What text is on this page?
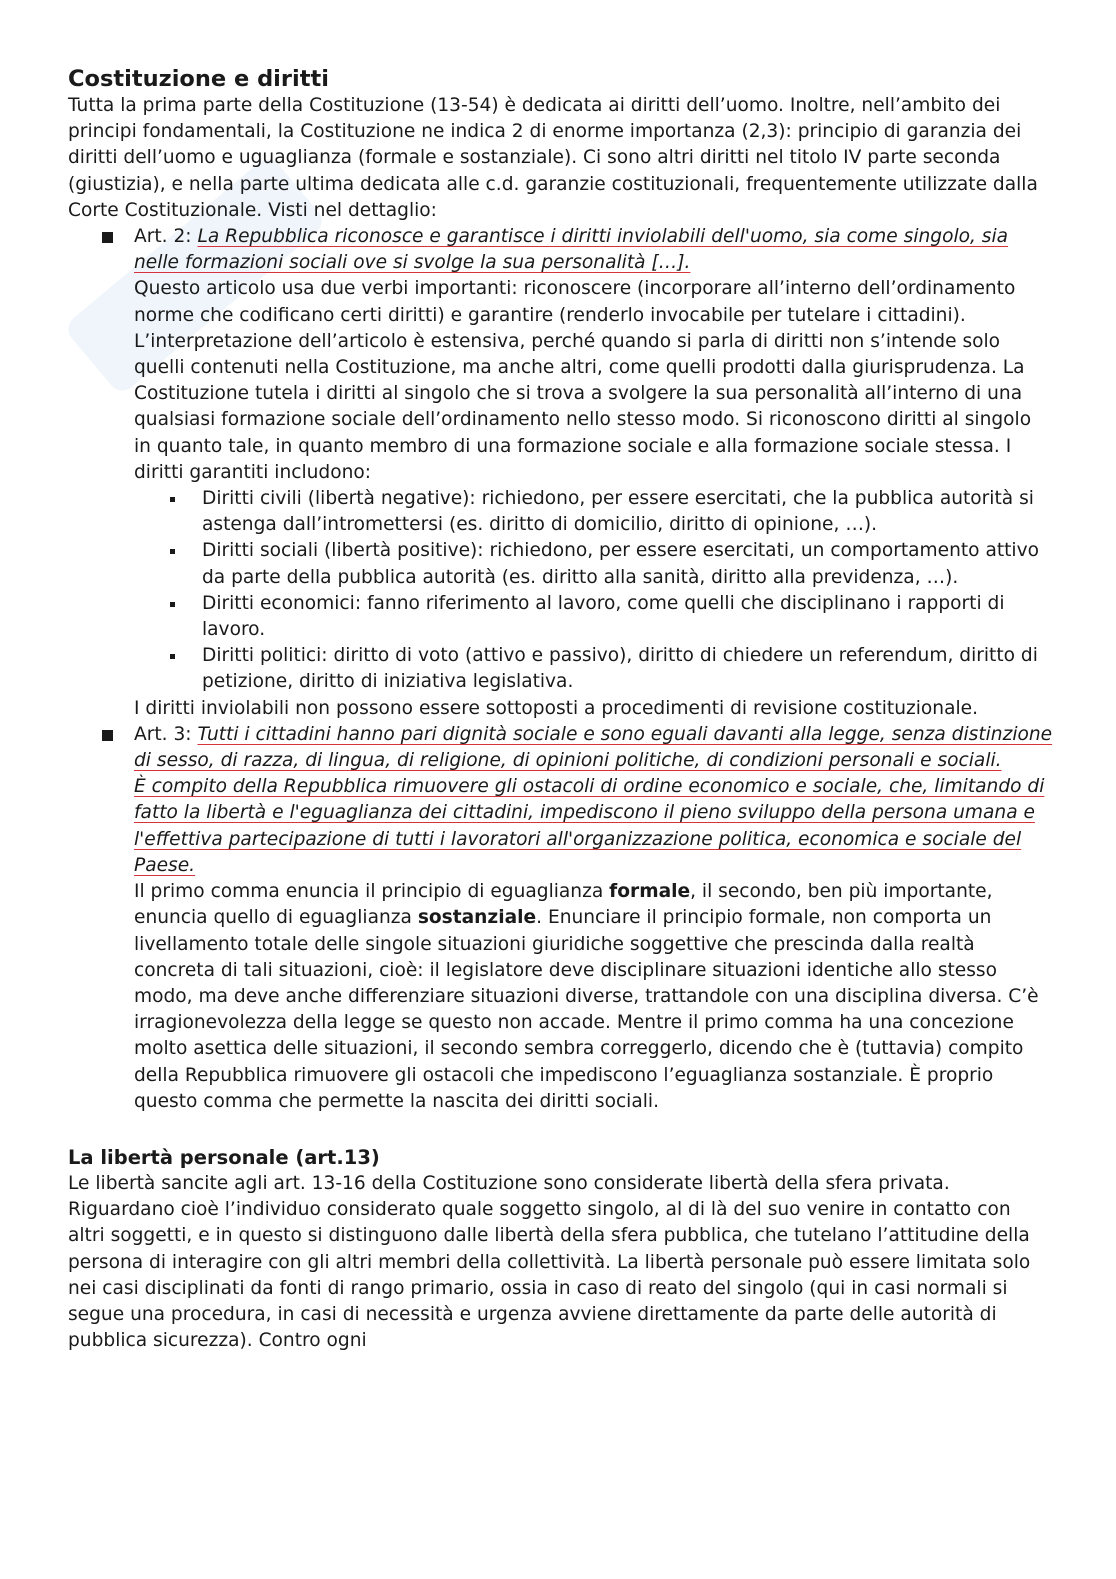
Costituzione e diritti

Tutta la prima parte della Costituzione (13-54) è dedicata ai diritti dell’uomo. Inoltre, nell’ambito dei principi fondamentali, la Costituzione ne indica 2 di enorme importanza (2,3): principio di garanzia dei diritti dell’uomo e uguaglianza (formale e sostanziale). Ci sono altri diritti nel titolo IV parte seconda (giustizia), e nella parte ultima dedicata alle c.d. garanzie costituzionali, frequentemente utilizzate dalla Corte Costituzionale. Visti nel dettaglio:

Art. 2: La Repubblica riconosce e garantisce i diritti inviolabili dell'uomo, sia come singolo, sia nelle formazioni sociali ove si svolge la sua personalità […].

Questo articolo usa due verbi importanti: riconoscere (incorporare all’interno dell’ordinamento norme che codificano certi diritti) e garantire (renderlo invocabile per tutelare i cittadini). L’interpretazione dell’articolo è estensiva, perché quando si parla di diritti non s’intende solo quelli contenuti nella Costituzione, ma anche altri, come quelli prodotti dalla giurisprudenza. La Costituzione tutela i diritti al singolo che si trova a svolgere la sua personalità all’interno di una qualsiasi formazione sociale dell’ordinamento nello stesso modo. Si riconoscono diritti al singolo in quanto tale, in quanto membro di una formazione sociale e alla formazione sociale stessa. I diritti garantiti includono:

Diritti civili (libertà negative): richiedono, per essere esercitati, che la pubblica autorità si astenga dall’intromettersi (es. diritto di domicilio, diritto di opinione, …).
Diritti sociali (libertà positive): richiedono, per essere esercitati, un comportamento attivo da parte della pubblica autorità (es. diritto alla sanità, diritto alla previdenza, …).
Diritti economici: fanno riferimento al lavoro, come quelli che disciplinano i rapporti di lavoro.
Diritti politici: diritto di voto (attivo e passivo), diritto di chiedere un referendum, diritto di petizione, diritto di iniziativa legislativa.

I diritti inviolabili non possono essere sottoposti a procedimenti di revisione costituzionale.

Art. 3: Tutti i cittadini hanno pari dignità sociale e sono eguali davanti alla legge, senza distinzione di sesso, di razza, di lingua, di religione, di opinioni politiche, di condizioni personali e sociali.

È compito della Repubblica rimuovere gli ostacoli di ordine economico e sociale, che, limitando di fatto la libertà e l'eguaglianza dei cittadini, impediscono il pieno sviluppo della persona umana e l'effettiva partecipazione di tutti i lavoratori all'organizzazione politica, economica e sociale del Paese.

Il primo comma enuncia il principio di eguaglianza formale, il secondo, ben più importante, enuncia quello di eguaglianza sostanziale. Enunciare il principio formale, non comporta un livellamento totale delle singole situazioni giuridiche soggettive che prescinda dalla realtà concreta di tali situazioni, cioè: il legislatore deve disciplinare situazioni identiche allo stesso modo, ma deve anche differenziare situazioni diverse, trattandole con una disciplina diversa. C’è irragionevolezza della legge se questo non accade. Mentre il primo comma ha una concezione molto asettica delle situazioni, il secondo sembra correggerlo, dicendo che è (tuttavia) compito della Repubblica rimuovere gli ostacoli che impediscono l’eguaglianza sostanziale. È proprio questo comma che permette la nascita dei diritti sociali.

La libertà personale (art.13)

Le libertà sancite agli art. 13-16 della Costituzione sono considerate libertà della sfera privata. Riguardano cioè l’individuo considerato quale soggetto singolo, al di là del suo venire in contatto con altri soggetti, e in questo si distinguono dalle libertà della sfera pubblica, che tutelano l’attitudine della persona di interagire con gli altri membri della collettività. La libertà personale può essere limitata solo nei casi disciplinati da fonti di rango primario, ossia in caso di reato del singolo (qui in casi normali si segue una procedura, in casi di necessità e urgenza avviene direttamente da parte delle autorità di pubblica sicurezza). Contro ogni
